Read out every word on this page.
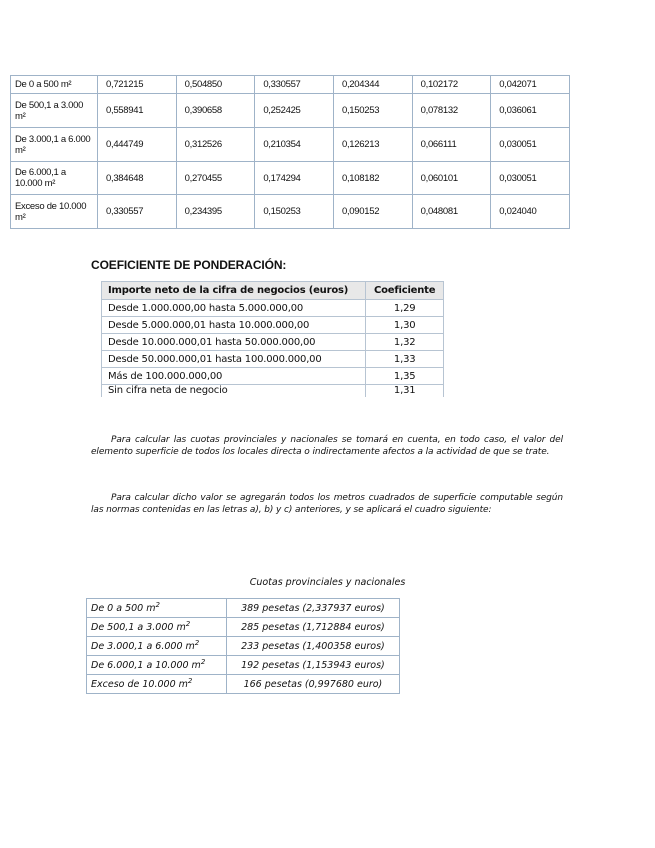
De 0 a 500 m²	0,721215	0,504850	0,330557	0,204344	0,102172	0,042071
De 500,1 a 3.000 m²	0,558941	0,390658	0,252425	0,150253	0,078132	0,036061
De 3.000,1 a 6.000 m²	0,444749	0,312526	0,210354	0,126213	0,066111	0,030051
De 6.000,1 a 10.000 m²	0,384648	0,270455	0,174294	0,108182	0,060101	0,030051
Exceso de 10.000 m²	0,330557	0,234395	0,150253	0,090152	0,048081	0,024040
COEFICIENTE DE PONDERACIÓN:
Importe neto de la cifra de negocios (euros)	Coeficiente
Desde 1.000.000,00 hasta 5.000.000,00	1,29
Desde 5.000.000,01 hasta 10.000.000,00	1,30
Desde 10.000.000,01 hasta 50.000.000,00	1,32
Desde 50.000.000,01 hasta 100.000.000,00	1,33
Más de 100.000.000,00	1,35
Sin cifra neta de negocio	1,31

Para calcular las cuotas provinciales y nacionales se tomará en cuenta, en todo caso, el valor del elemento superficie de todos los locales directa o indirectamente afectos a la actividad de que se trate.

Para calcular dicho valor se agregarán todos los metros cuadrados de superficie computable según las normas contenidas en las letras a), b) y c) anteriores, y se aplicará el cuadro siguiente:

Cuotas provinciales y nacionales
De 0 a 500 $m^2$	389 pesetas (2,337937 euros)
De 500,1 a 3.000 $m^2$	285 pesetas (1,712884 euros)
De 3.000,1 a 6.000 $m^2$	233 pesetas (1,400358 euros)
De 6.000,1 a 10.000 $m^2$	192 pesetas (1,153943 euros)
Exceso de 10.000 $m^2$	166 pesetas (0,997680 euro)
